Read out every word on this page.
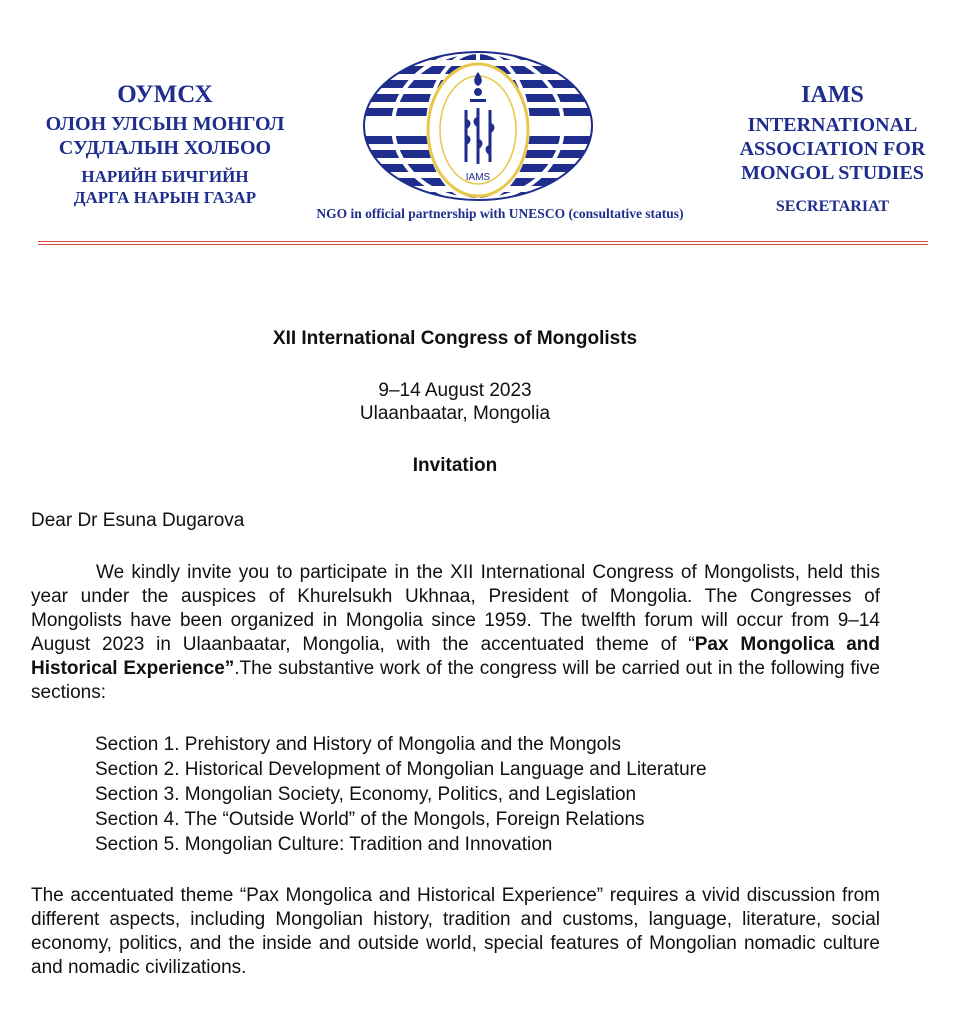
ОУМСХ
ОЛОН УЛСЫН МОНГОЛ
СУДЛАЛЫН ХОЛБОО
НАРИЙН БИЧГИЙН
ДАРГА НАРЫН ГАЗАР
IAMS
IAMS
INTERNATIONAL
ASSOCIATION FOR
MONGOL STUDIES
SECRETARIAT
NGO in official partnership with UNESCO (consultative status)
XII International Congress of Mongolists
9–14 August 2023
Ulaanbaatar, Mongolia
Invitation
Dear Dr Esuna Dugarova
We kindly invite you to participate in the XII International Congress of Mongolists, held this year under the auspices of Khurelsukh Ukhnaa, President of Mongolia. The Congresses of Mongolists have been organized in Mongolia since 1959. The twelfth forum will occur from 9–14 August 2023 in Ulaanbaatar, Mongolia, with the accentuated theme of “Pax Mongolica and Historical Experience”.The substantive work of the congress will be carried out in the following five sections:
Section 1. Prehistory and History of Mongolia and the Mongols
Section 2. Historical Development of Mongolian Language and Literature
Section 3. Mongolian Society, Economy, Politics, and Legislation
Section 4. The “Outside World” of the Mongols, Foreign Relations
Section 5. Mongolian Culture: Tradition and Innovation
The accentuated theme “Pax Mongolica and Historical Experience” requires a vivid discussion from different aspects, including Mongolian history, tradition and customs, language, literature, social economy, politics, and the inside and outside world, special features of Mongolian nomadic culture and nomadic civilizations.
